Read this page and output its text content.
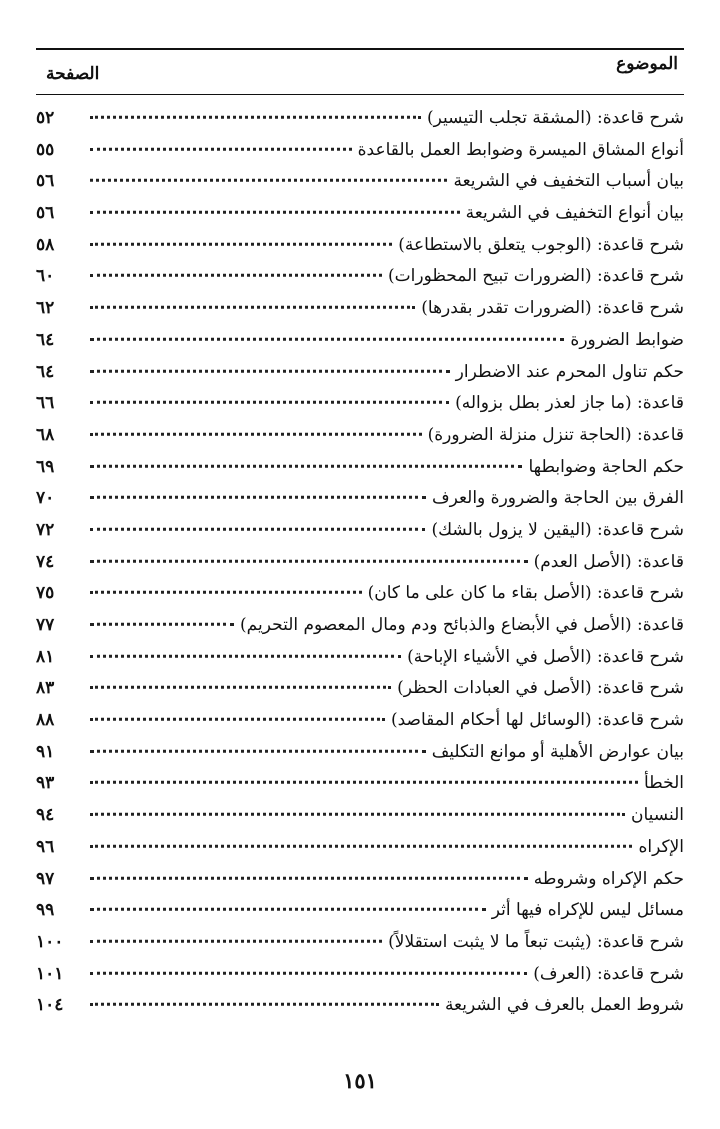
الموضوع
الصفحة
شرح قاعدة: (المشقة تجلب التيسير)
٥٢
أنواع المشاق الميسرة وضوابط العمل بالقاعدة
٥٥
بيان أسباب التخفيف في الشريعة
٥٦
بيان أنواع التخفيف في الشريعة
٥٦
شرح قاعدة: (الوجوب يتعلق بالاستطاعة)
٥٨
شرح قاعدة: (الضرورات تبيح المحظورات)
٦٠
شرح قاعدة: (الضرورات تقدر بقدرها)
٦٢
ضوابط الضرورة
٦٤
حكم تناول المحرم عند الاضطرار
٦٤
قاعدة: (ما جاز لعذر بطل بزواله)
٦٦
قاعدة: (الحاجة تنزل منزلة الضرورة)
٦٨
حكم الحاجة وضوابطها
٦٩
الفرق بين الحاجة والضرورة والعرف
٧٠
شرح قاعدة: (اليقين لا يزول بالشك)
٧٢
قاعدة: (الأصل العدم)
٧٤
شرح قاعدة: (الأصل بقاء ما كان على ما كان)
٧٥
قاعدة: (الأصل في الأبضاع والذبائح ودم ومال المعصوم التحريم)
٧٧
شرح قاعدة: (الأصل في الأشياء الإباحة)
٨١
شرح قاعدة: (الأصل في العبادات الحظر)
٨٣
شرح قاعدة: (الوسائل لها أحكام المقاصد)
٨٨
بيان عوارض الأهلية أو موانع التكليف
٩١
الخطأ
٩٣
النسيان
٩٤
الإكراه
٩٦
حكم الإكراه وشروطه
٩٧
مسائل ليس للإكراه فيها أثر
٩٩
شرح قاعدة: (يثبت تبعاً ما لا يثبت استقلالاً)
١٠٠
شرح قاعدة: (العرف)
١٠١
شروط العمل بالعرف في الشريعة
١٠٤
١٥١
